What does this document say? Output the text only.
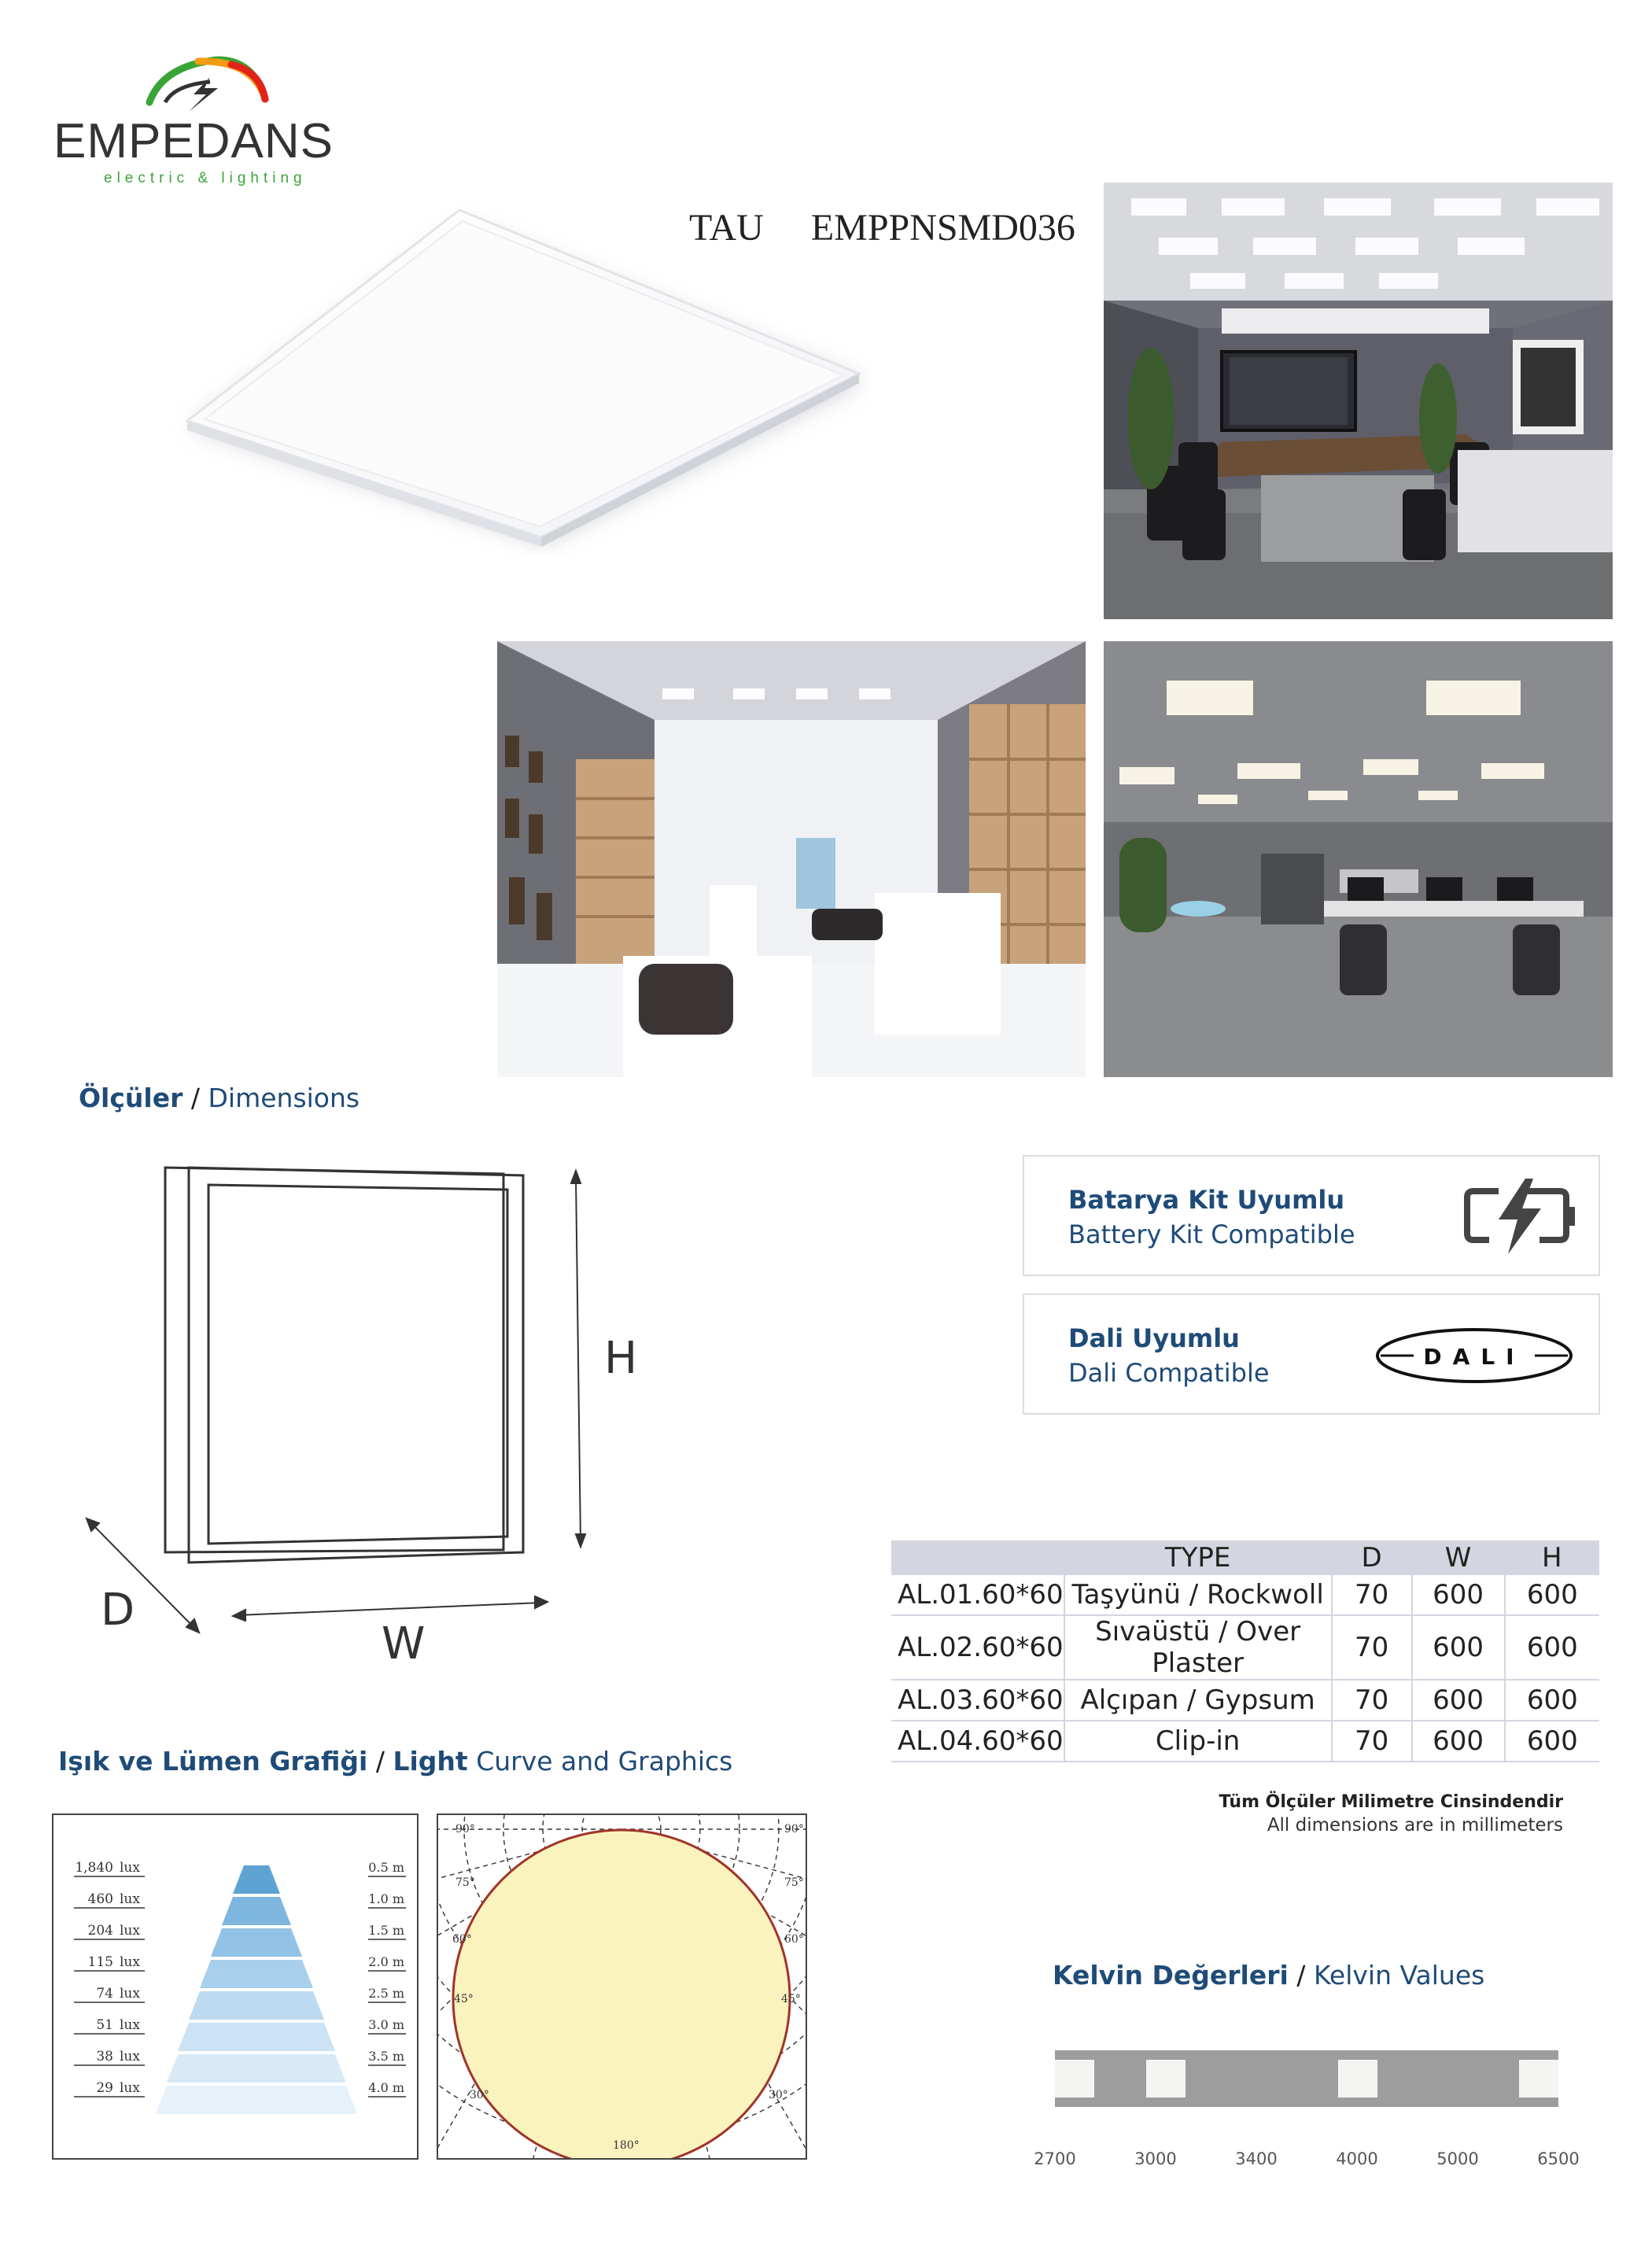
EMPEDANS
electric & lighting
TAU EMPPNSMD036
Ölçüler / Dimensions
H
D
W
Batarya Kit Uyumlu
Battery Kit Compatible
Dali Uyumlu
Dali Compatible
DALI
	TYPE	D	W	H
AL.01.60*60	Taşyünü / Rockwoll	70	600	600
AL.02.60*60	Sıvaüstü / Over Plaster	70	600	600
AL.03.60*60	Alçıpan / Gypsum	70	600	600
AL.04.60*60	Clip-in	70	600	600
Tüm Ölçüler Milimetre Cinsindendir
All dimensions are in millimeters
Işık ve Lümen Grafiği / Light Curve and Graphics
1,840 lux	0.5 m
460 lux	1.0 m
204 lux	1.5 m
115 lux	2.0 m
74 lux	2.5 m
51 lux	3.0 m
38 lux	3.5 m
29 lux	4.0 m
90°	90°
75°	75°
60°	60°
45°	45°
30°	30°
180°
Kelvin Değerleri / Kelvin Values
2700	3000	3400	4000	5000	6500
